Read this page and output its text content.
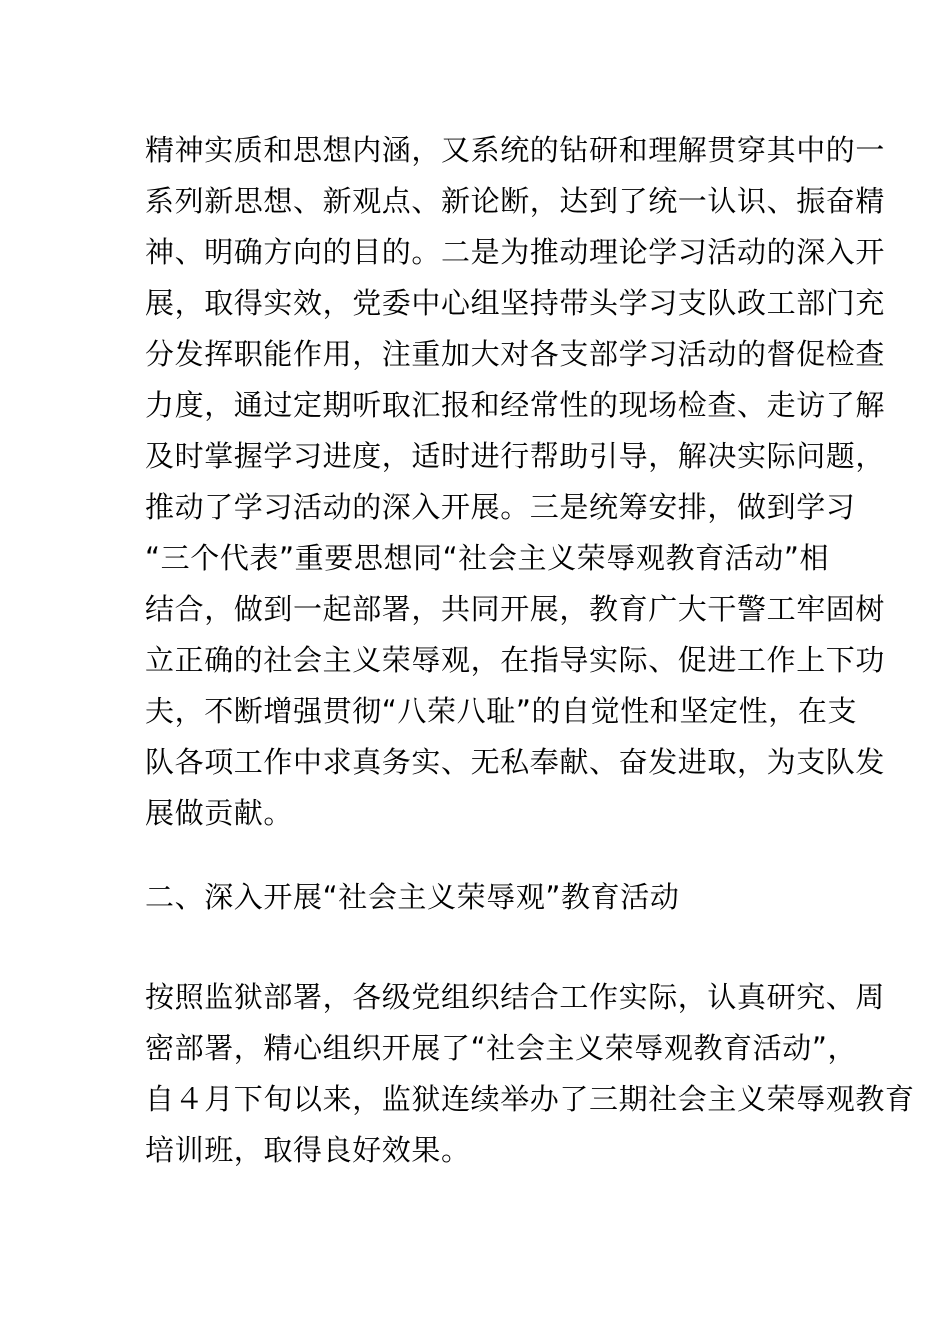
精神实质和思想内涵，又系统的钻研和理解贯穿其中的一
系列新思想、新观点、新论断，达到了统一认识、振奋精
神、明确方向的目的。二是为推动理论学习活动的深入开
展，取得实效，党委中心组坚持带头学习支队政工部门充
分发挥职能作用，注重加大对各支部学习活动的督促检查
力度，通过定期听取汇报和经常性的现场检查、走访了解
及时掌握学习进度，适时进行帮助引导，解决实际问题，
推动了学习活动的深入开展。三是统筹安排，做到学习
“三个代表”重要思想同“社会主义荣辱观教育活动”相
结合，做到一起部署，共同开展，教育广大干警工牢固树
立正确的社会主义荣辱观，在指导实际、促进工作上下功
夫，不断增强贯彻“八荣八耻”的自觉性和坚定性，在支
队各项工作中求真务实、无私奉献、奋发进取，为支队发
展做贡献。
二、深入开展“社会主义荣辱观”教育活动
按照监狱部署，各级党组织结合工作实际，认真研究、周
密部署，精心组织开展了“社会主义荣辱观教育活动”，
自４月下旬以来，监狱连续举办了三期社会主义荣辱观教育
培训班，取得良好效果。
